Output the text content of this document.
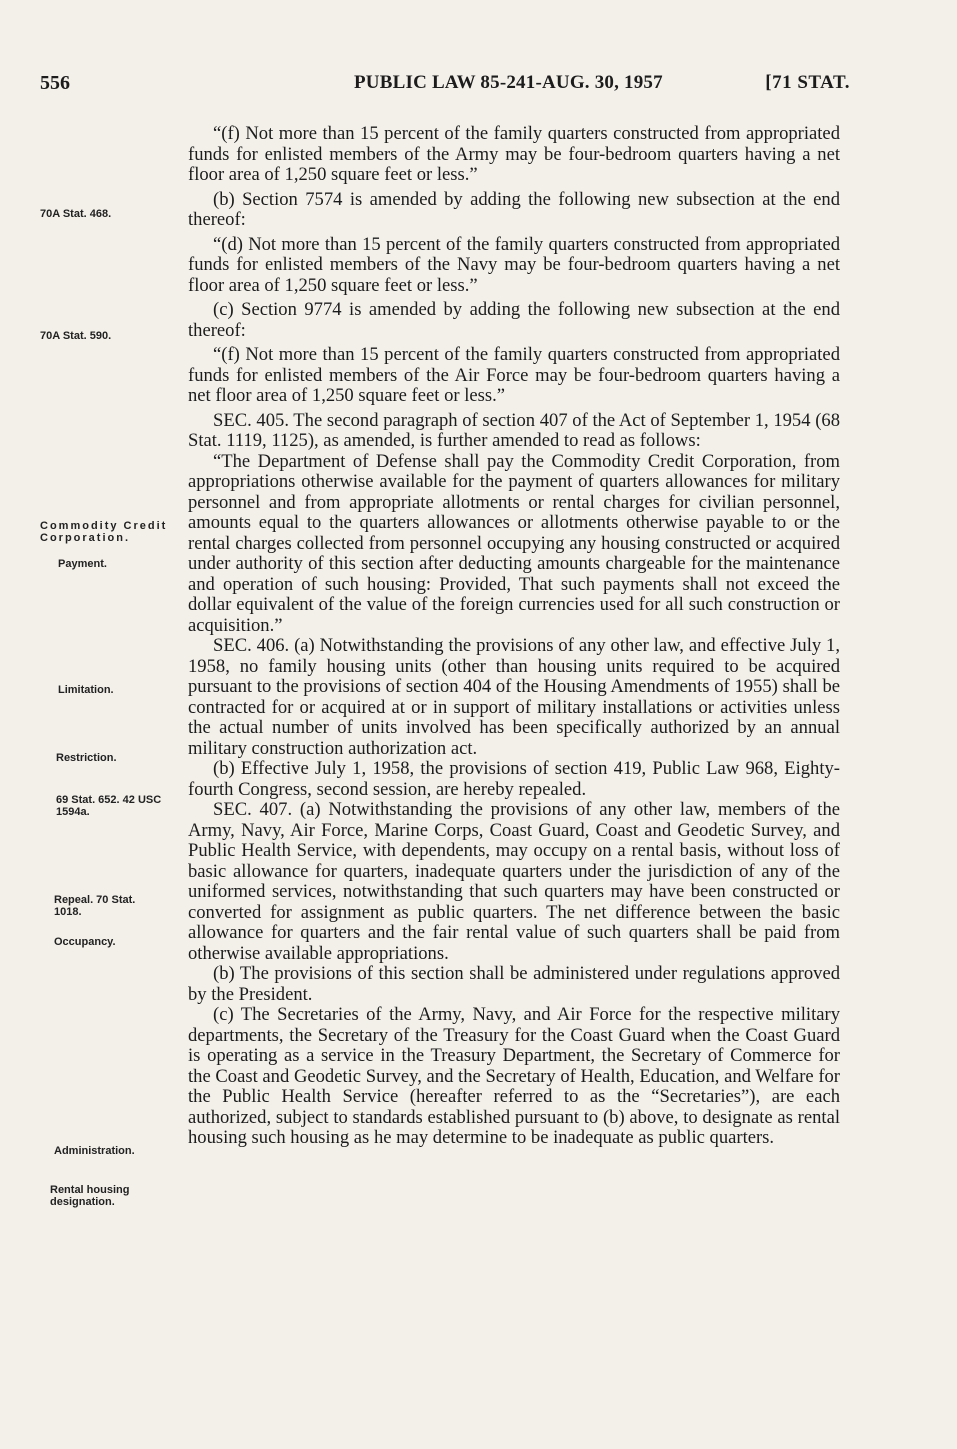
556	PUBLIC LAW 85-241-AUG. 30, 1957	[71 STAT.
70A Stat. 468.
70A Stat. 590.
Commodity Credit Corporation.
Payment.
Limitation.
Restriction.
69 Stat. 652. 42 USC 1594a.
Repeal. 70 Stat. 1018.
Occupancy.
Administration.
Rental housing designation.

“(f) Not more than 15 percent of the family quarters constructed from appropriated funds for enlisted members of the Army may be four-bedroom quarters having a net floor area of 1,250 square feet or less.”

(b) Section 7574 is amended by adding the following new subsection at the end thereof:

“(d) Not more than 15 percent of the family quarters constructed from appropriated funds for enlisted members of the Navy may be four-bedroom quarters having a net floor area of 1,250 square feet or less.”

(c) Section 9774 is amended by adding the following new subsection at the end thereof:

“(f) Not more than 15 percent of the family quarters constructed from appropriated funds for enlisted members of the Air Force may be four-bedroom quarters having a net floor area of 1,250 square feet or less.”

SEC. 405. The second paragraph of section 407 of the Act of September 1, 1954 (68 Stat. 1119, 1125), as amended, is further amended to read as follows:

“The Department of Defense shall pay the Commodity Credit Corporation, from appropriations otherwise available for the payment of quarters allowances for military personnel and from appropriate allotments or rental charges for civilian personnel, amounts equal to the quarters allowances or allotments otherwise payable to or the rental charges collected from personnel occupying any housing constructed or acquired under authority of this section after deducting amounts chargeable for the maintenance and operation of such housing: Provided, That such payments shall not exceed the dollar equivalent of the value of the foreign currencies used for all such construction or acquisition.”

SEC. 406. (a) Notwithstanding the provisions of any other law, and effective July 1, 1958, no family housing units (other than housing units required to be acquired pursuant to the provisions of section 404 of the Housing Amendments of 1955) shall be contracted for or acquired at or in support of military installations or activities unless the actual number of units involved has been specifically authorized by an annual military construction authorization act.

(b) Effective July 1, 1958, the provisions of section 419, Public Law 968, Eighty-fourth Congress, second session, are hereby repealed.

SEC. 407. (a) Notwithstanding the provisions of any other law, members of the Army, Navy, Air Force, Marine Corps, Coast Guard, Coast and Geodetic Survey, and Public Health Service, with dependents, may occupy on a rental basis, without loss of basic allowance for quarters, inadequate quarters under the jurisdiction of any of the uniformed services, notwithstanding that such quarters may have been constructed or converted for assignment as public quarters. The net difference between the basic allowance for quarters and the fair rental value of such quarters shall be paid from otherwise available appropriations.

(b) The provisions of this section shall be administered under regulations approved by the President.

(c) The Secretaries of the Army, Navy, and Air Force for the respective military departments, the Secretary of the Treasury for the Coast Guard when the Coast Guard is operating as a service in the Treasury Department, the Secretary of Commerce for the Coast and Geodetic Survey, and the Secretary of Health, Education, and Welfare for the Public Health Service (hereafter referred to as the “Secretaries”), are each authorized, subject to standards established pursuant to (b) above, to designate as rental housing such housing as he may determine to be inadequate as public quarters.
